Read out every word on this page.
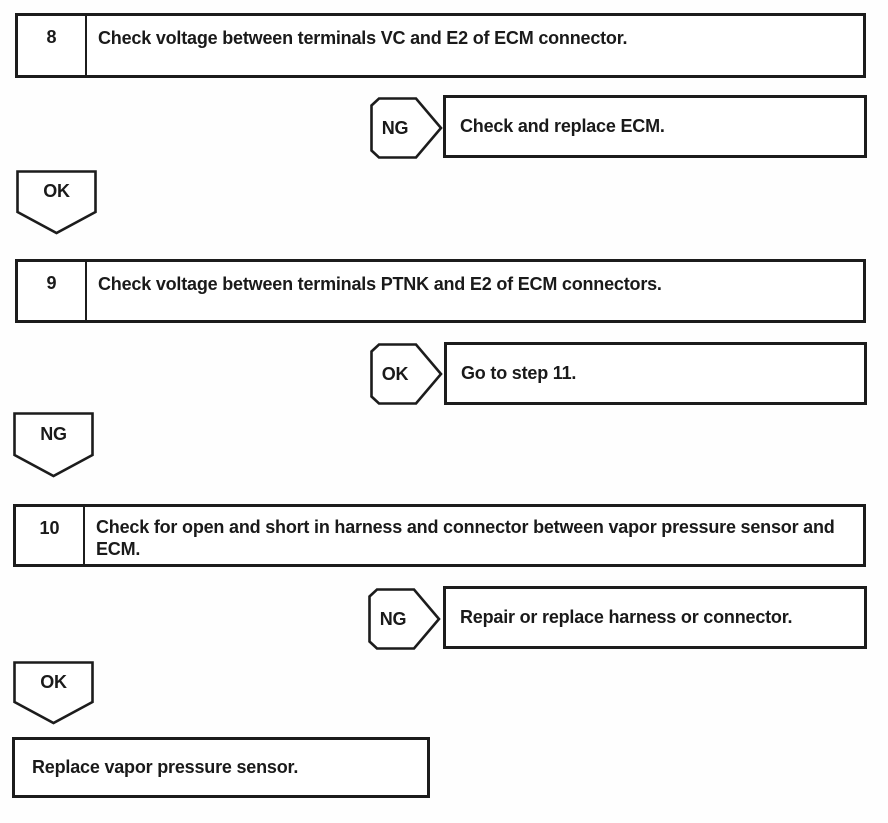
8	Check voltage between terminals VC and E2 of ECM connector.
NG	Check and replace ECM.
OK
9	Check voltage between terminals PTNK and E2 of ECM connectors.
OK	Go to step 11.
NG
10	Check for open and short in harness and connector between vapor pressure sensor and ECM.
NG	Repair or replace harness or connector.
OK
Replace vapor pressure sensor.
